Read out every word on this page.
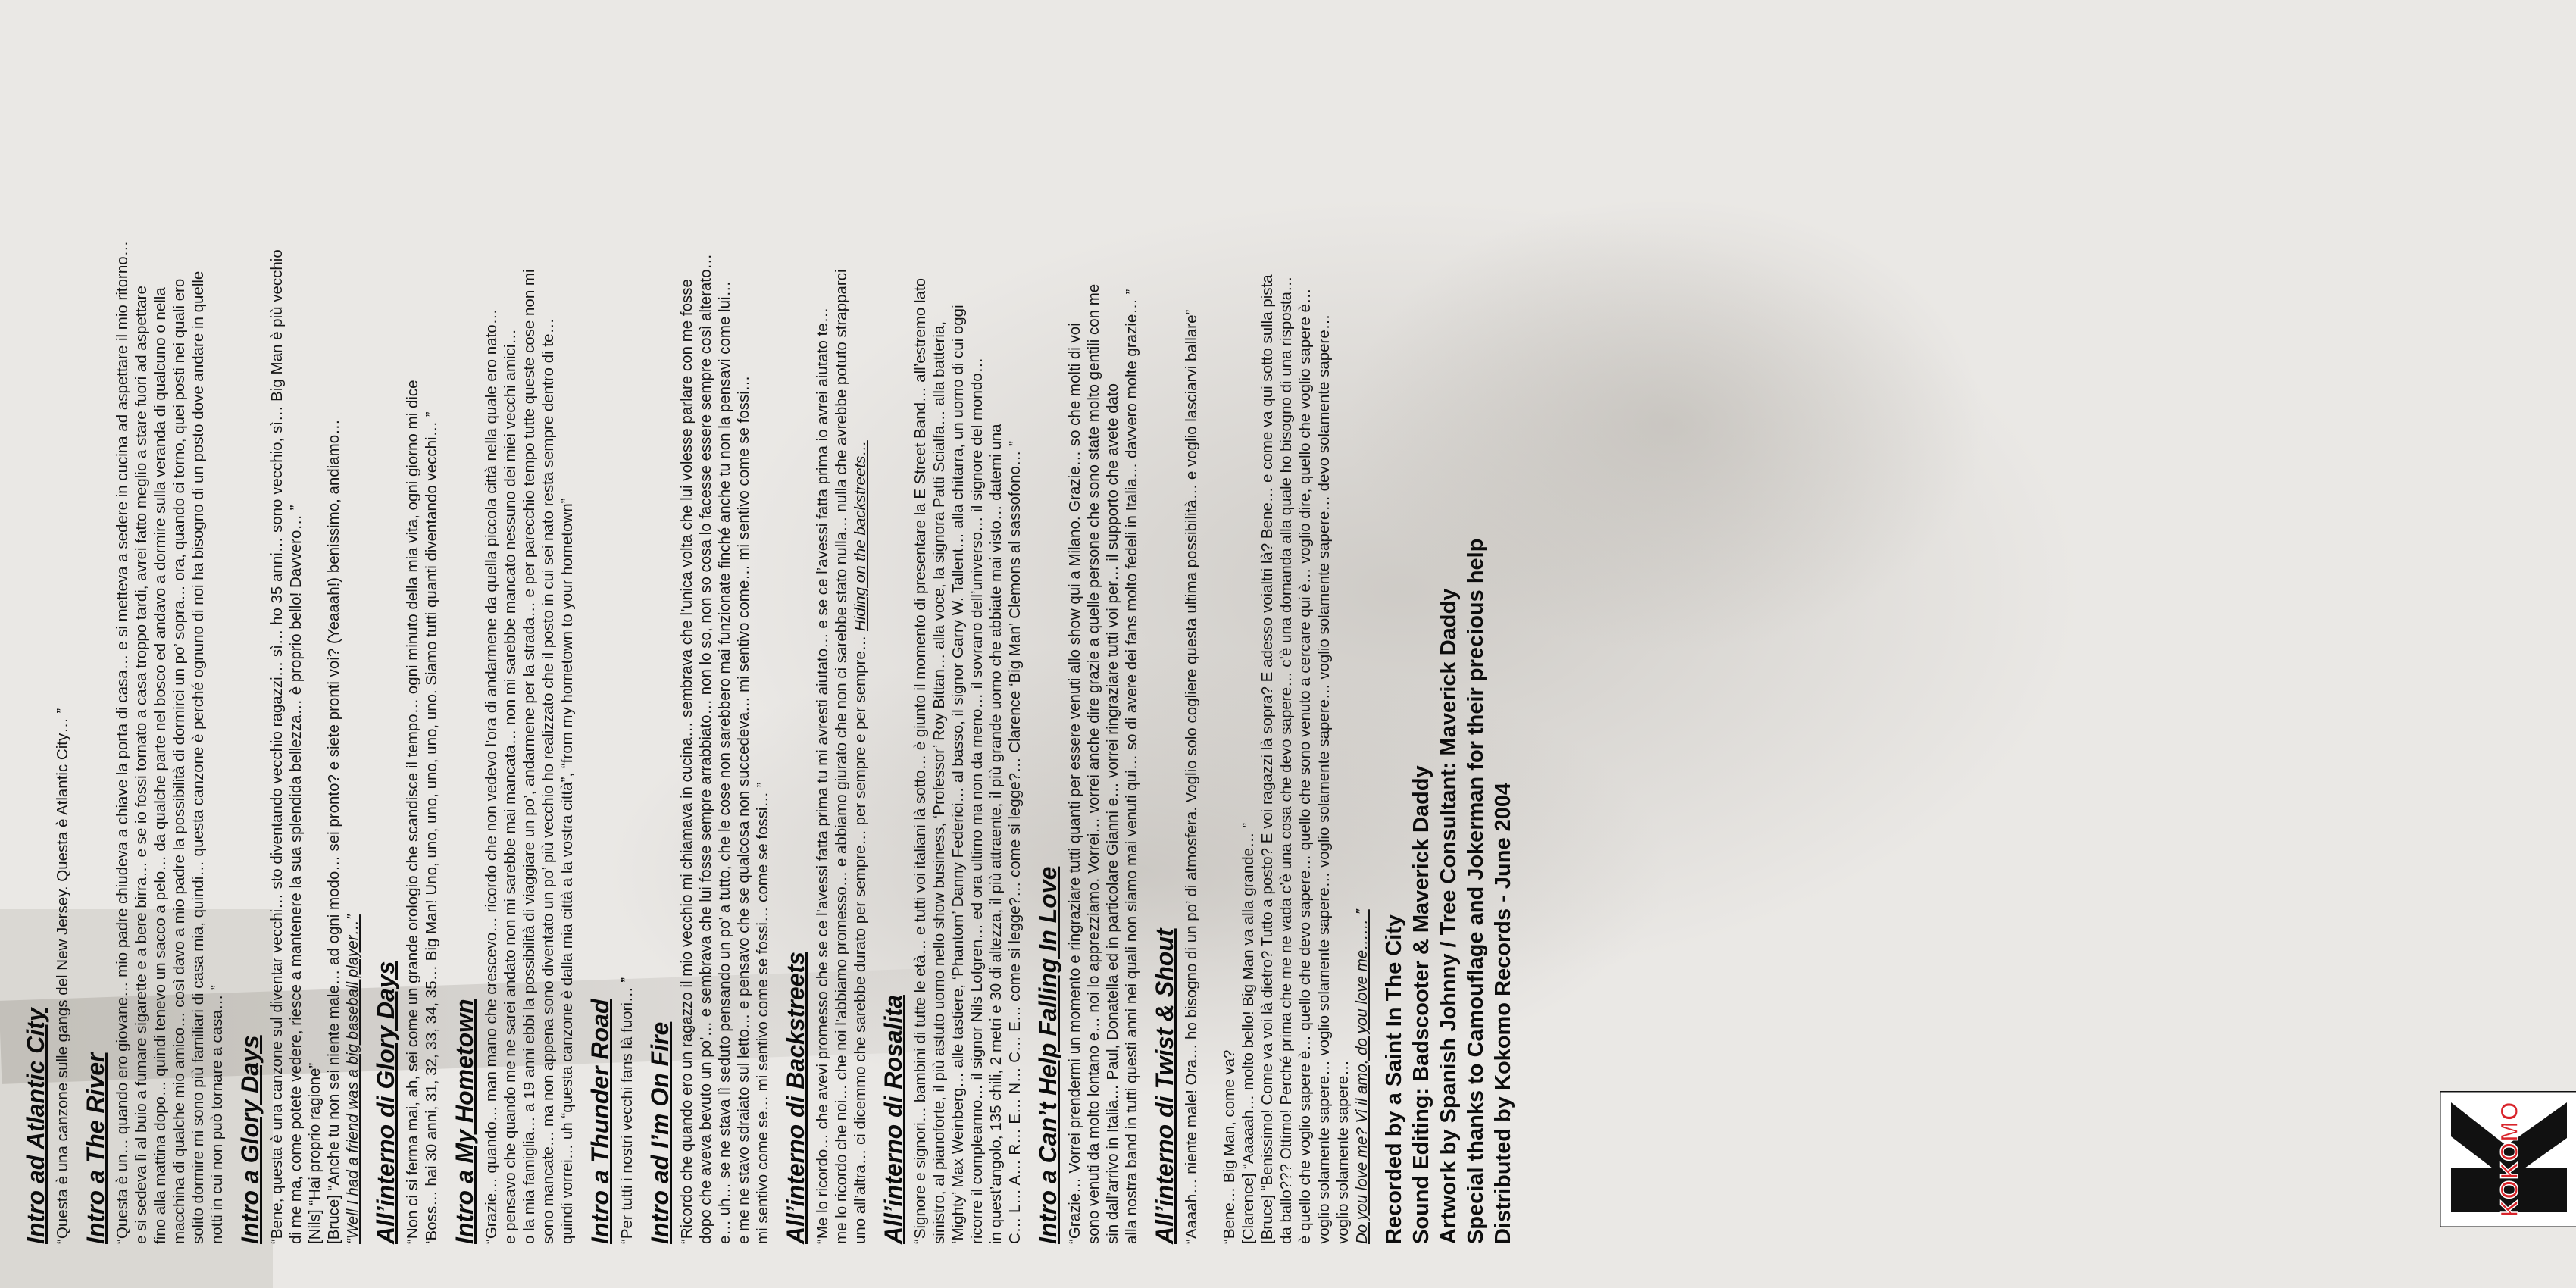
Intro ad Atlantic City “Questa è una canzone sulle gangs del New Jersey. Questa è Atlantic City… ” Intro a The River “Questa è un… quando ero giovane… mio padre chiudeva a chiave la porta di casa… e si metteva a sedere in cucina ad aspettare il mio ritorno… e si sedeva lì al buio a fumare sigarette e a bere birra… e se io fossi tornato a casa troppo tardi, avrei fatto meglio a stare fuori ad aspettare fino alla mattina dopo… quindi tenevo un sacco a pelo… da qualche parte nel bosco ed andavo a dormire sulla veranda di qualcuno o nella macchina di qualche mio amico… così davo a mio padre la possibilità di dormirci un po’ sopra… ora, quando ci torno, quei posti nei quali ero solito dormire mi sono più familiari di casa mia, quindi… questa canzone è perché ognuno di noi ha bisogno di un posto dove andare in quelle notti in cui non può tornare a casa… ” Intro a Glory Days “Bene, questa è una canzone sul diventar vecchi… sto diventando vecchio ragazzi… sì… ho 35 anni… sono vecchio, sì… Big Man è più vecchio di me ma, come potete vedere, riesce a mantenere la sua splendida bellezza… è proprio bello! Davvero… ” [Nils] “Hai proprio ragione” [Bruce] “Anche tu non sei niente male… ad ogni modo… sei pronto? e siete pronti voi? (Yeaaah!) benissimo, andiamo… “Well I had a friend was a big baseball player…” All’interno di Glory Days “Non ci si ferma mai, ah, sei come un grande orologio che scandisce il tempo… ogni minuto della mia vita, ogni giorno mi dice ‘Boss… hai 30 anni, 31, 32, 33, 34, 35… Big Man! Uno, uno, uno, uno, uno, uno. Siamo tutti quanti diventando vecchi… ” Intro a My Hometown “Grazie… quando… man mano che crescevo… ricordo che non vedevo l’ora di andarmene da quella piccola città nella quale ero nato… e pensavo che quando me ne sarei andato non mi sarebbe mai mancata… non mi sarebbe mancato nessuno dei miei vecchi amici… o la mia famiglia… a 19 anni ebbi la possibilità di viaggiare un po’, andarmene per la strada… e per parecchio tempo tutte queste cose non mi sono mancate… ma non appena sono diventato un po’ più vecchio ho realizzato che il posto in cui sei nato resta sempre dentro di te… quindi vorrei… uh “questa canzone è dalla mia città a la vostra città”, “from my hometown to your hometown” Intro a Thunder Road “Per tutti i nostri vecchi fans là fuori… ” Intro ad I’m On Fire “Ricordo che quando ero un ragazzo il mio vecchio mi chiamava in cucina… sembrava che l’unica volta che lui volesse parlare con me fosse dopo che aveva bevuto un po’… e sembrava che lui fosse sempre arrabbiato… non lo so, non so cosa lo facesse essere sempre così alterato… e… uh… se ne stava lì seduto pensando un po’ a tutto, che le cose non sarebbero mai funzionate finché anche tu non la pensavi come lui… e me ne stavo sdraiato sul letto… e pensavo che se qualcosa non succedeva… mi sentivo come… mi sentivo come se fossi… mi sentivo come se… mi sentivo come se fossi… come se fossi… ” All’interno di Backstreets “Me lo ricordo… che avevi promesso che se ce l’avessi fatta prima tu mi avresti aiutato… e se ce l’avessi fatta prima io avrei aiutato te… me lo ricordo che noi… che noi l’abbiamo promesso… e abbiamo giurato che non ci sarebbe stato nulla… nulla che avrebbe potuto strapparci uno all’altra… ci dicemmo che sarebbe durato per sempre… per sempre e per sempre… Hiding on the backstreets…
All’interno di Rosalita “Signore e signori… bambini di tutte le età… e tutti voi italiani là sotto… è giunto il momento di presentare la E Street Band… all’estremo lato sinistro, al pianoforte, il più astuto uomo nello show business, ‘Professor’ Roy Bittan… alla voce, la signora Patti Scialfa… alla batteria, ‘Mighty’ Max Weinberg… alle tastiere, ‘Phantom’ Danny Federici… al basso, il signor Garry W. Tallent… alla chitarra, un uomo di cui oggi ricorre il compleanno… il signor Nils Lofgren… ed ora ultimo ma non da meno… il sovrano dell’universo… il signore del mondo… in quest’angolo, 135 chili, 2 metri e 30 di altezza, il più attraente, il più grande uomo che abbiate mai visto… datemi una C… L… A… R… E… N… C… E… come si legge?… come si legge?… Clarence ‘Big Man’ Clemons al sassofono… ” Intro a Can’t Help Falling In Love “Grazie… Vorrei prendermi un momento e ringraziare tutti quanti per essere venuti allo show qui a Milano. Grazie… so che molti di voi sono venuti da molto lontano e… noi lo apprezziamo. Vorrei… vorrei anche dire grazie a quelle persone che sono state molto gentili con me sin dall’arrivo in Italia… Paul, Donatella ed in particolare Gianni e… vorrei ringraziare tutti voi per… il supporto che avete dato alla nostra band in tutti questi anni nei quali non siamo mai venuti qui… so di avere dei fans molto fedeli in Italia… davvero molte grazie… ” All’interno di Twist & Shout “Aaaah… niente male! Ora… ho bisogno di un po’ di atmosfera. Voglio solo cogliere questa ultima possibilità… e voglio lasciarvi ballare”
“Bene… Big Man, come va? [Clarence] “Aaaaah… molto bello! Big Man va alla grande… ” [Bruce] “Benissimo! Come va voi là dietro? Tutto a posto? E voi ragazzi là sopra? E adesso voialtri là? Bene… e come va qui sotto sulla pista da ballo??? Ottimo! Perché prima che me ne vada c’è una cosa che devo sapere… c’è una domanda alla quale ho bisogno di una risposta… è quello che voglio sapere è… quello che devo sapere… quello che sono venuto a cercare qui è… voglio dire, quello che voglio sapere è… voglio solamente sapere… voglio solamente sapere… voglio solamente sapere… voglio solamente sapere… devo solamente sapere… voglio solamente sapere… Do you love me? Vi il amo, do you love me…… ” Recorded by a Saint In The City Sound Editing: Badscooter & Maverick Daddy Artwork by Spanish Johnny / Tree Consultant: Maverick Daddy Special thanks to Camouflage and Jokerman for their precious help Distributed by Kokomo Records - June 2004	KOKOMO
